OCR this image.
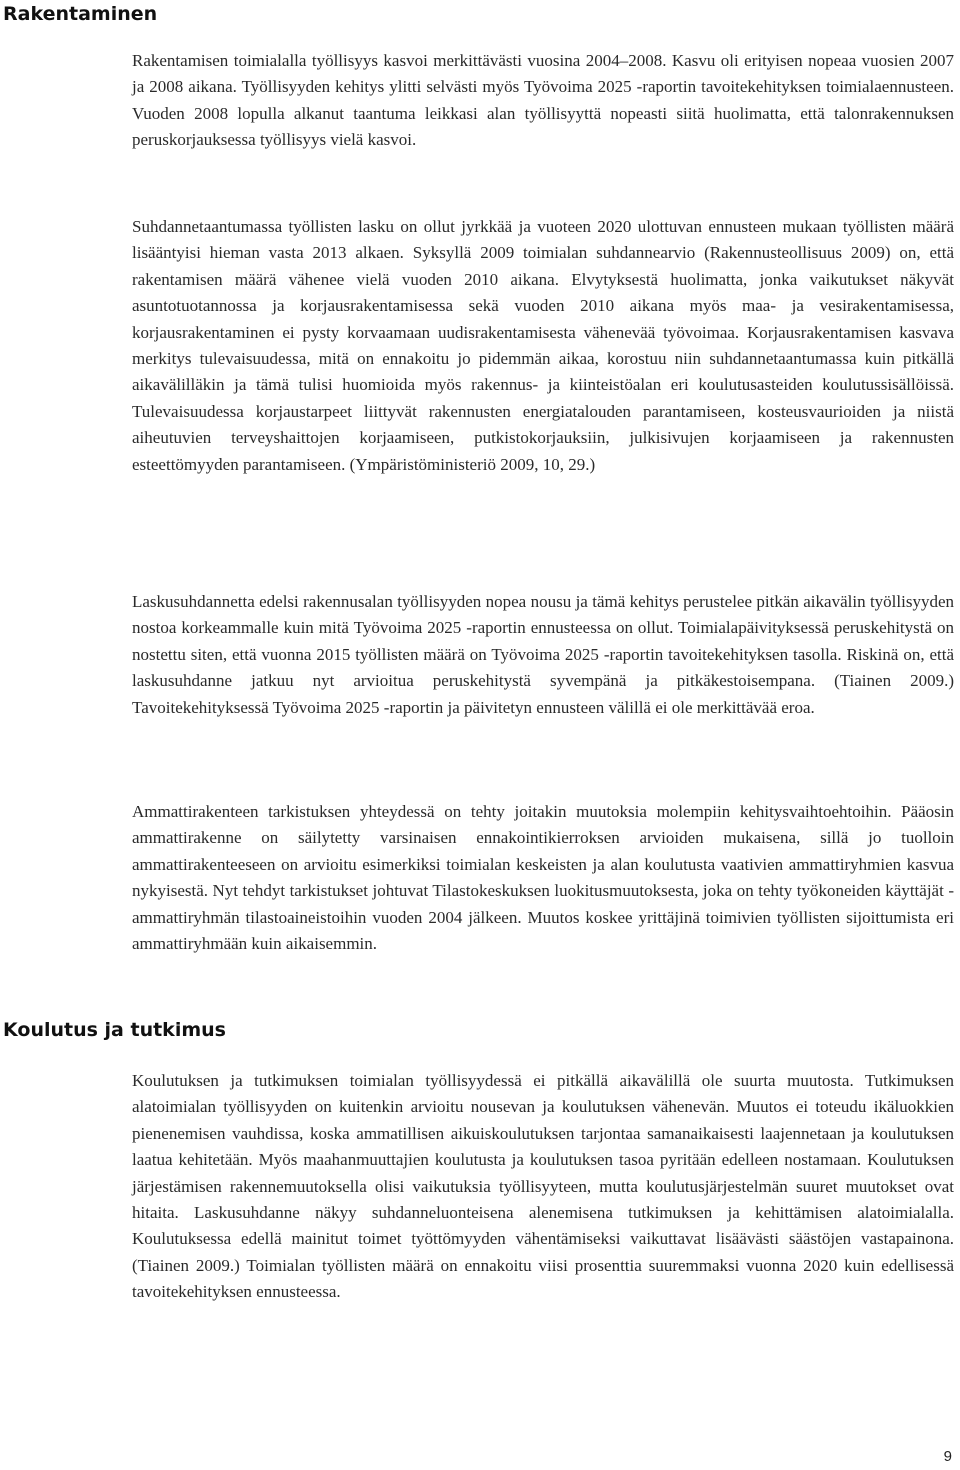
Rakentaminen

Rakentamisen toimialalla työllisyys kasvoi merkittävästi vuosina 2004–2008. Kasvu oli erityisen nopeaa vuosien 2007 ja 2008 aikana. Työllisyyden kehitys ylitti selvästi myös Työvoima 2025 -raportin tavoitekehityksen toimialaennusteen. Vuoden 2008 lopulla alkanut taantuma leikkasi alan työllisyyttä nopeasti siitä huolimatta, että talonrakennuksen peruskorjauksessa työllisyys vielä kasvoi.

Suhdannetaantumassa työllisten lasku on ollut jyrkkää ja vuoteen 2020 ulottuvan ennusteen mukaan työllisten määrä lisääntyisi hieman vasta 2013 alkaen. Syksyllä 2009 toimialan suhdannearvio (Rakennusteollisuus 2009) on, että rakentamisen määrä vähenee vielä vuoden 2010 aikana. Elvytyksestä huolimatta, jonka vaikutukset näkyvät asuntotuotannossa ja korjausrakentamisessa sekä vuoden 2010 aikana myös maa- ja vesirakentamisessa, korjausrakentaminen ei pysty korvaamaan uudisrakentamisesta vähenevää työvoimaa. Korjausrakentamisen kasvava merkitys tulevaisuudessa, mitä on ennakoitu jo pidemmän aikaa, korostuu niin suhdannetaantumassa kuin pitkällä aikavälilläkin ja tämä tulisi huomioida myös rakennus- ja kiinteistöalan eri koulutusasteiden koulutussisällöissä. Tulevaisuudessa korjaustarpeet liittyvät rakennusten energiatalouden parantamiseen, kosteusvaurioiden ja niistä aiheutuvien terveyshaittojen korjaamiseen, putkistokorjauksiin, julkisivujen korjaamiseen ja rakennusten esteettömyyden parantamiseen. (Ympäristöministeriö 2009, 10, 29.)

Laskusuhdannetta edelsi rakennusalan työllisyyden nopea nousu ja tämä kehitys perustelee pitkän aikavälin työllisyyden nostoa korkeammalle kuin mitä Työvoima 2025 -raportin ennusteessa on ollut. Toimialapäivityksessä peruskehitystä on nostettu siten, että vuonna 2015 työllisten määrä on Työvoima 2025 -raportin tavoitekehityksen tasolla. Riskinä on, että laskusuhdanne jatkuu nyt arvioitua peruskehitystä syvempänä ja pitkäkestoisempana. (Tiainen 2009.) Tavoitekehityksessä Työvoima 2025 -raportin ja päivitetyn ennusteen välillä ei ole merkittävää eroa.

Ammattirakenteen tarkistuksen yhteydessä on tehty joitakin muutoksia molempiin kehitysvaihtoehtoihin. Pääosin ammattirakenne on säilytetty varsinaisen ennakointikierroksen arvioiden mukaisena, sillä jo tuolloin ammattirakenteeseen on arvioitu esimerkiksi toimialan keskeisten ja alan koulutusta vaativien ammattiryhmien kasvua nykyisestä. Nyt tehdyt tarkistukset johtuvat Tilastokeskuksen luokitusmuutoksesta, joka on tehty työkoneiden käyttäjät -ammattiryhmän tilastoaineistoihin vuoden 2004 jälkeen. Muutos koskee yrittäjinä toimivien työllisten sijoittumista eri ammattiryhmään kuin aikaisemmin.

Koulutus ja tutkimus

Koulutuksen ja tutkimuksen toimialan työllisyydessä ei pitkällä aikavälillä ole suurta muutosta. Tutkimuksen alatoimialan työllisyyden on kuitenkin arvioitu nousevan ja koulutuksen vähenevän. Muutos ei toteudu ikäluokkien pienenemisen vauhdissa, koska ammatillisen aikuiskoulutuksen tarjontaa samanaikaisesti laajennetaan ja koulutuksen laatua kehitetään. Myös maahanmuuttajien koulutusta ja koulutuksen tasoa pyritään edelleen nostamaan. Koulutuksen järjestämisen rakennemuutoksella olisi vaikutuksia työllisyyteen, mutta koulutusjärjestelmän suuret muutokset ovat hitaita. Laskusuhdanne näkyy suhdanneluonteisena alenemisena tutkimuksen ja kehittämisen alatoimialalla. Koulutuksessa edellä mainitut toimet työttömyyden vähentämiseksi vaikuttavat lisäävästi säästöjen vastapainona. (Tiainen 2009.) Toimialan työllisten määrä on ennakoitu viisi prosenttia suuremmaksi vuonna 2020 kuin edellisessä tavoitekehityksen ennusteessa.

9
